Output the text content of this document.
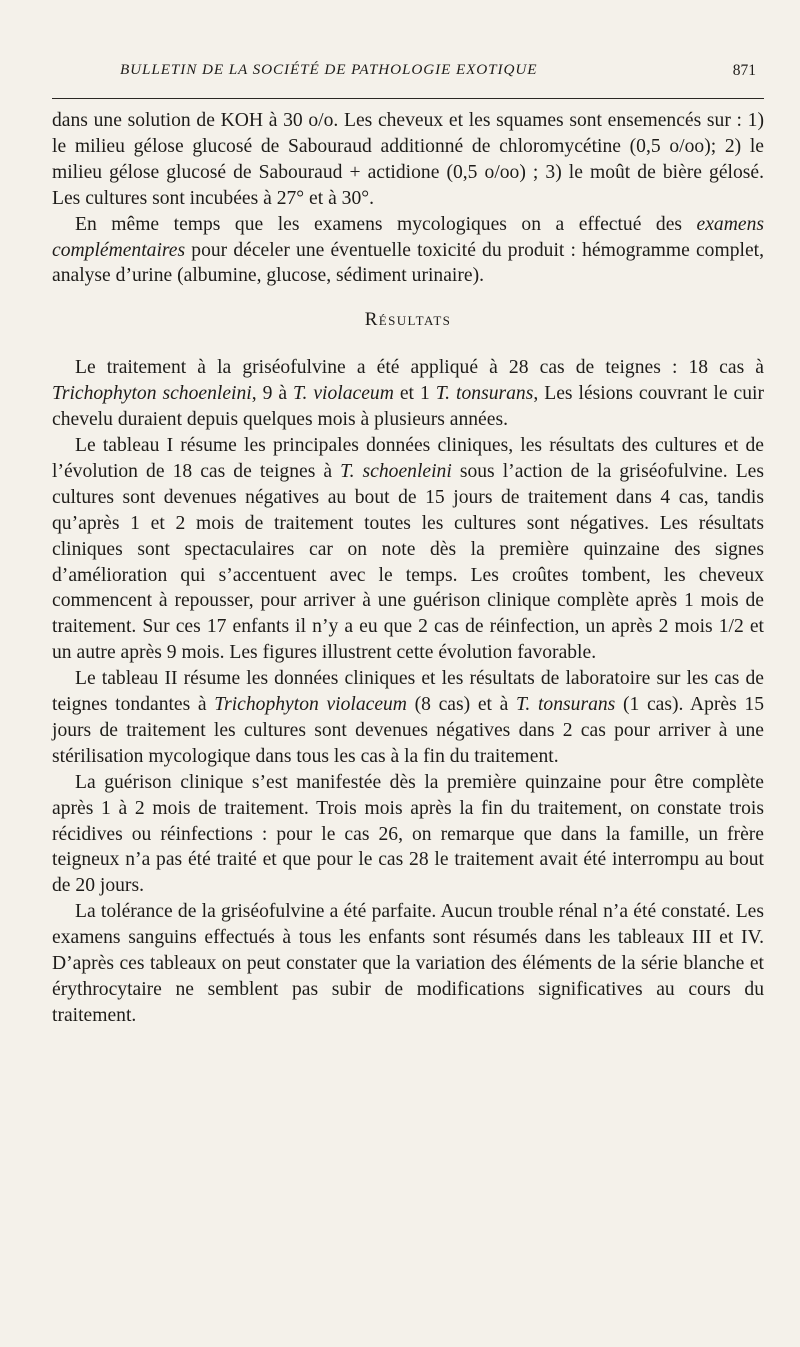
BULLETIN DE LA SOCIÉTÉ DE PATHOLOGIE EXOTIQUE	871

dans une solution de KOH à 30 o/o. Les cheveux et les squames sont ensemencés sur : 1) le milieu gélose glucosé de Sabouraud additionné de chloromycétine (0,5 o/oo); 2) le milieu gélose glucosé de Sabouraud + actidione (0,5 o/oo) ; 3) le moût de bière gélosé. Les cultures sont incubées à 27° et à 30°.

En même temps que les examens mycologiques on a effectué des examens complémentaires pour déceler une éventuelle toxicité du produit : hémogramme complet, analyse d’urine (albumine, glucose, sédiment urinaire).

Résultats

Le traitement à la griséofulvine a été appliqué à 28 cas de teignes : 18 cas à Trichophyton schoenleini, 9 à T. violaceum et 1 T. tonsurans, Les lésions couvrant le cuir chevelu duraient depuis quelques mois à plusieurs années.

Le tableau I résume les principales données cliniques, les résultats des cultures et de l’évolution de 18 cas de teignes à T. schoenleini sous l’action de la griséofulvine. Les cultures sont devenues négatives au bout de 15 jours de traitement dans 4 cas, tandis qu’après 1 et 2 mois de traitement toutes les cultures sont négatives. Les résultats cliniques sont spectaculaires car on note dès la première quinzaine des signes d’amélioration qui s’accentuent avec le temps. Les croûtes tombent, les cheveux commencent à repousser, pour arriver à une guérison clinique complète après 1 mois de traitement. Sur ces 17 enfants il n’y a eu que 2 cas de réinfection, un après 2 mois 1/2 et un autre après 9 mois. Les figures illustrent cette évolution favorable.

Le tableau II résume les données cliniques et les résultats de laboratoire sur les cas de teignes tondantes à Trichophyton violaceum (8 cas) et à T. tonsurans (1 cas). Après 15 jours de traitement les cultures sont devenues négatives dans 2 cas pour arriver à une stérilisation mycologique dans tous les cas à la fin du traitement.

La guérison clinique s’est manifestée dès la première quinzaine pour être complète après 1 à 2 mois de traitement. Trois mois après la fin du traitement, on constate trois récidives ou réinfections : pour le cas 26, on remarque que dans la famille, un frère teigneux n’a pas été traité et que pour le cas 28 le traitement avait été interrompu au bout de 20 jours.

La tolérance de la griséofulvine a été parfaite. Aucun trouble rénal n’a été constaté. Les examens sanguins effectués à tous les enfants sont résumés dans les tableaux III et IV. D’après ces tableaux on peut constater que la variation des éléments de la série blanche et érythrocytaire ne semblent pas subir de modifications significatives au cours du traitement.
